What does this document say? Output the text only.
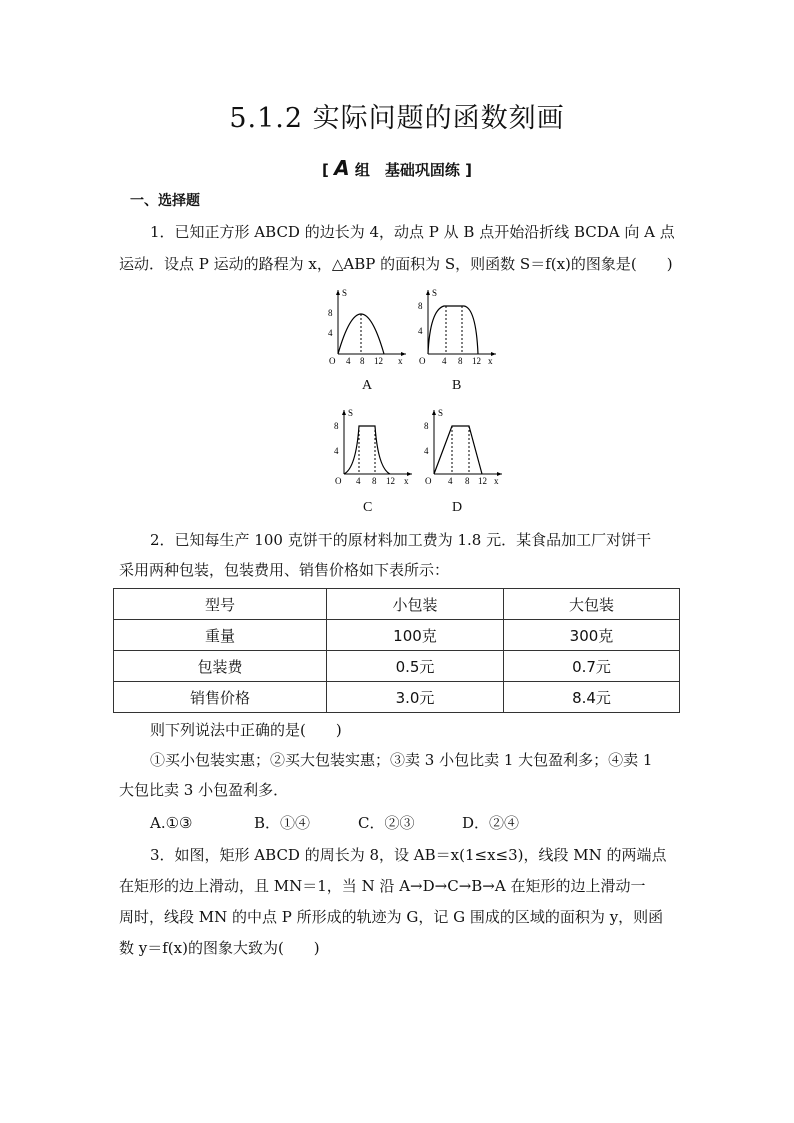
5.1.2 实际问题的函数刻画
[ A 组　基础巩固练 ]
一、选择题
1．已知正方形 ABCD 的边长为 4，动点 P 从 B 点开始沿折线 BCDA 向 A 点
运动．设点 P 运动的路程为 x，△ABP 的面积为 S，则函数 S＝f(x)的图象是(　　)
S
8
4
O 4 8 12 x
A
S
8
4
O 4 8 12 x
B
S
8
4
O 4 8 12 x
C
S
8
4
O 4 8 12 x
D
2．已知每生产 100 克饼干的原材料加工费为 1.8 元．某食品加工厂对饼干
采用两种包装，包装费用、销售价格如下表所示：
型号	小包装	大包装
重量	100克	300克
包装费	0.5元	0.7元
销售价格	3.0元	8.4元
则下列说法中正确的是(　　)
①买小包装实惠；②买大包装实惠；③卖 3 小包比卖 1 大包盈利多；④卖 1
大包比卖 3 小包盈利多．
A.①③	B．①④	C．②③	D．②④
3．如图，矩形 ABCD 的周长为 8，设 AB＝x(1≤x≤3)，线段 MN 的两端点
在矩形的边上滑动，且 MN＝1，当 N 沿 A→D→C→B→A 在矩形的边上滑动一
周时，线段 MN 的中点 P 所形成的轨迹为 G，记 G 围成的区域的面积为 y，则函
数 y＝f(x)的图象大致为(　　)
